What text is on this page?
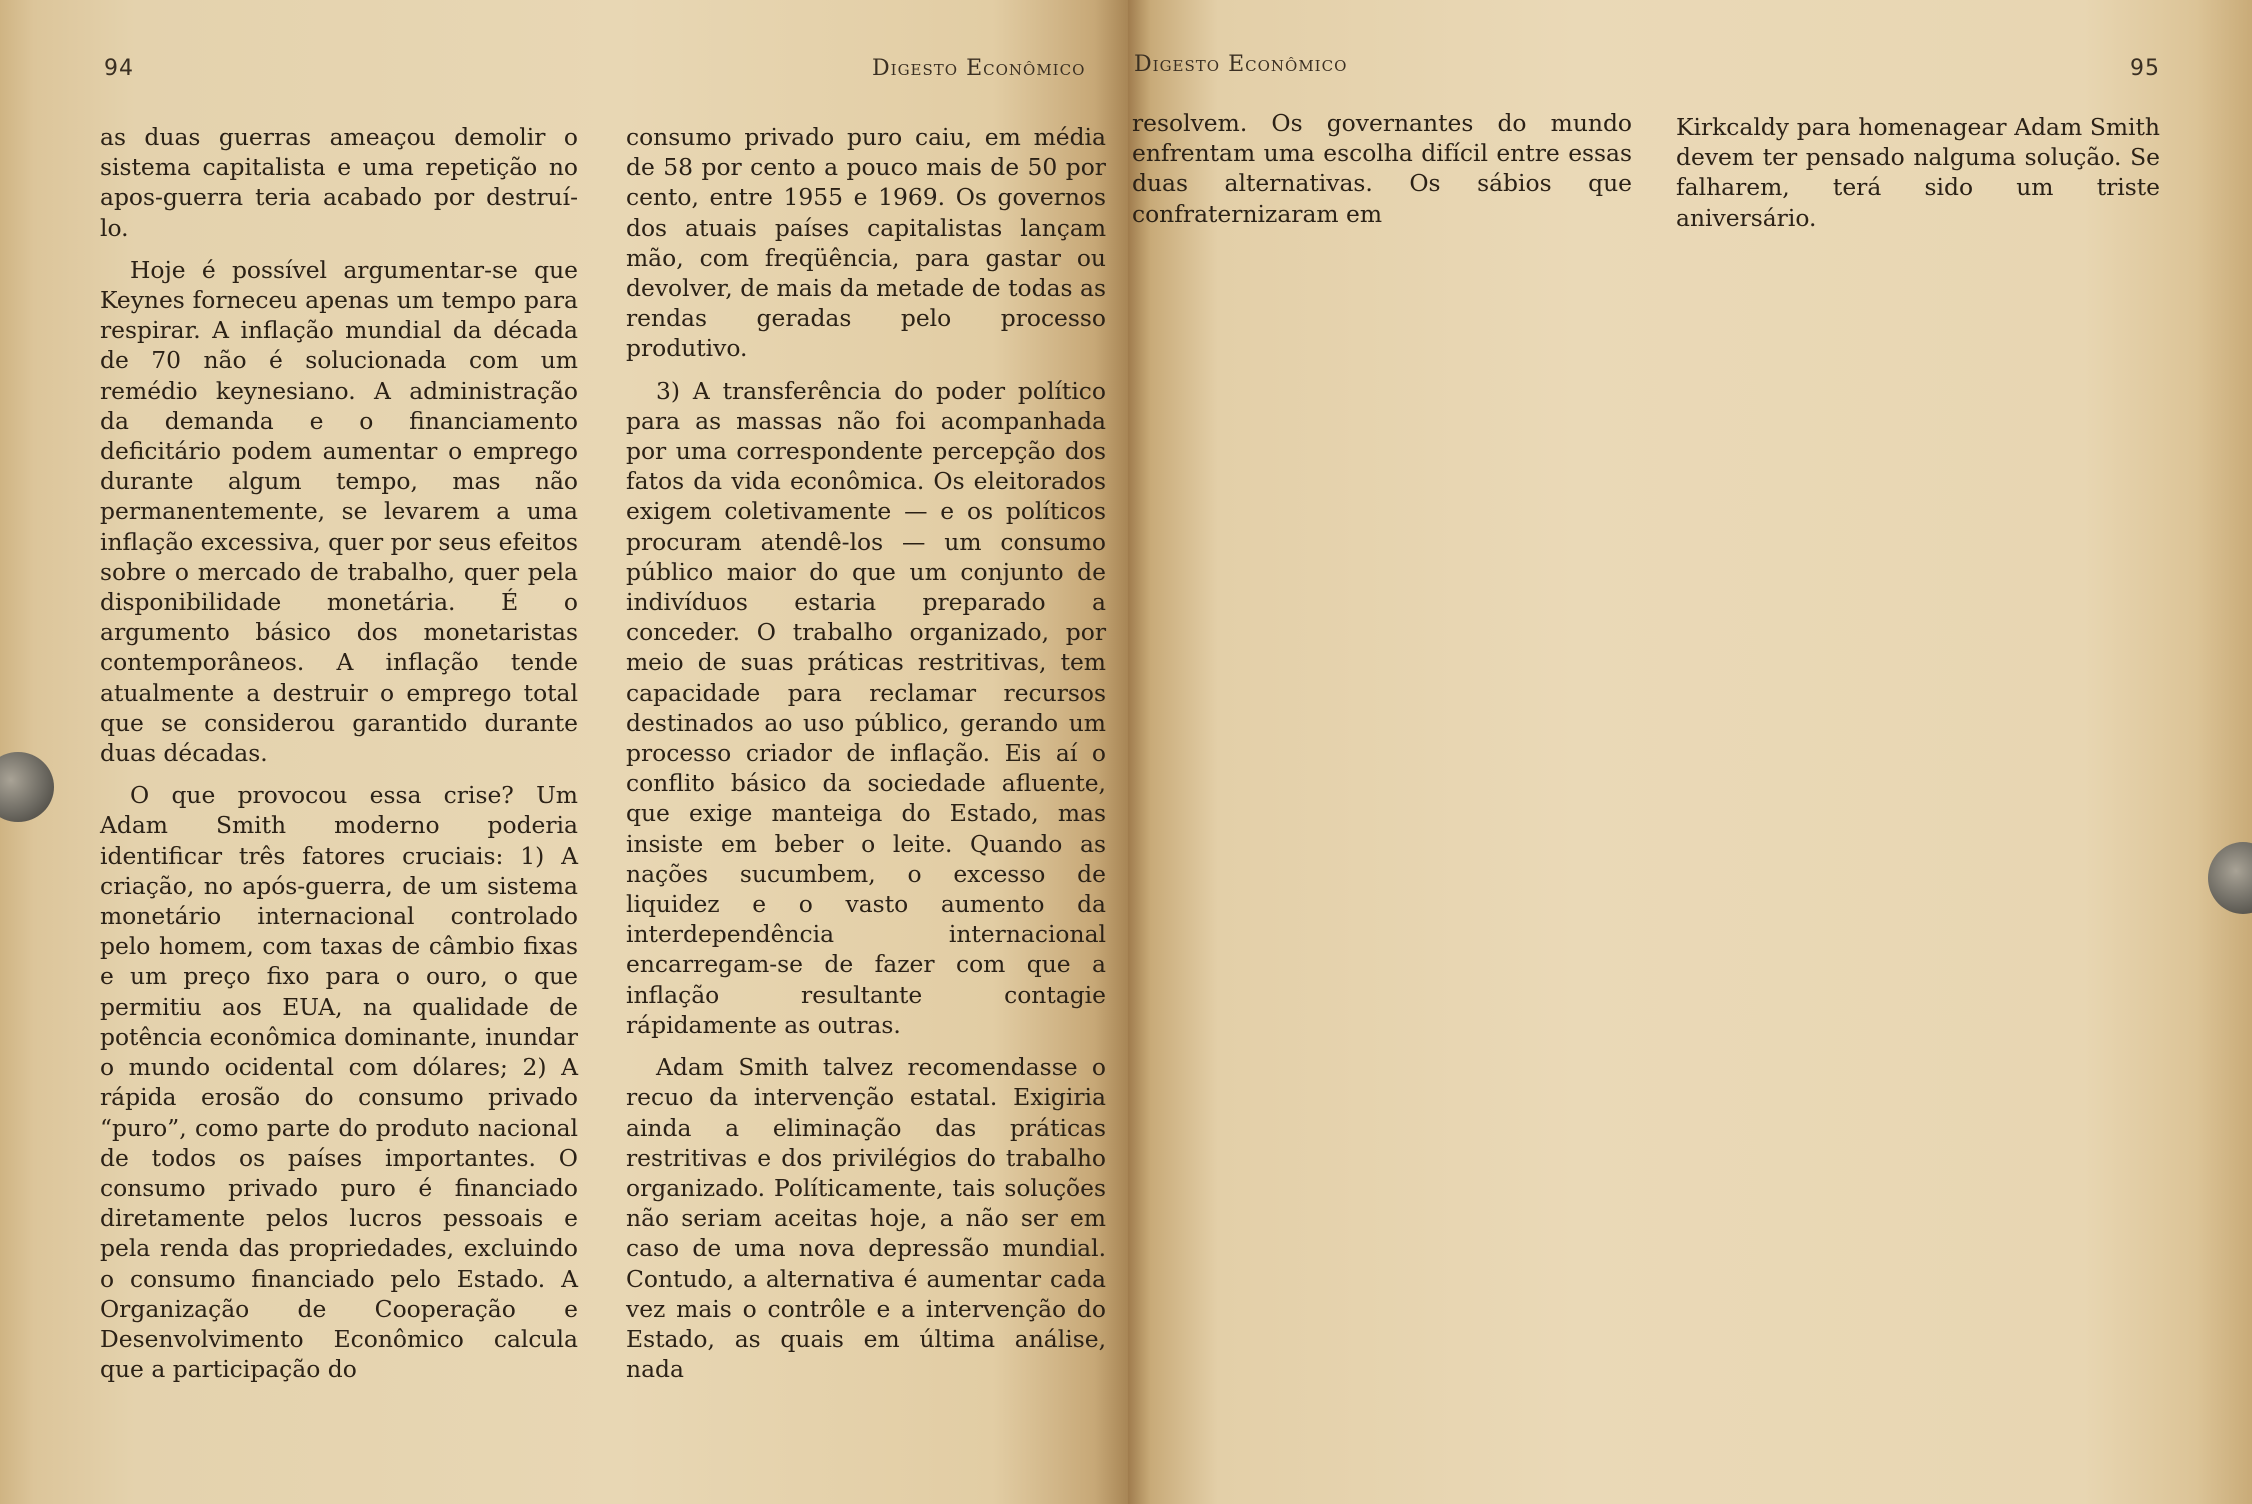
94	Digesto Econômico

as duas guerras ameaçou demolir o sistema capitalista e uma repetição no apos-guerra teria acabado por destruí-lo.

Hoje é possível argumentar-se que Keynes forneceu apenas um tempo para respirar. A inflação mundial da década de 70 não é solucionada com um remédio keynesiano. A administração da demanda e o financiamento deficitário podem aumentar o emprego durante algum tempo, mas não permanentemente, se levarem a uma inflação excessiva, quer por seus efeitos sobre o mercado de trabalho, quer pela disponibilidade monetária. É o argumento básico dos monetaristas contemporâneos. A inflação tende atualmente a destruir o emprego total que se considerou garantido durante duas décadas.

O que provocou essa crise? Um Adam Smith moderno poderia identificar três fatores cruciais: 1) A criação, no após-guerra, de um sistema monetário internacional controlado pelo homem, com taxas de câmbio fixas e um preço fixo para o ouro, o que permitiu aos EUA, na qualidade de potência econômica dominante, inundar o mundo ocidental com dólares; 2) A rápida erosão do consumo privado “puro”, como parte do produto nacional de todos os países importantes. O consumo privado puro é financiado diretamente pelos lucros pessoais e pela renda das propriedades, excluindo o consumo financiado pelo Estado. A Organização de Cooperação e Desenvolvimento Econômico calcula que a participação do

consumo privado puro caiu, em média de 58 por cento a pouco mais de 50 por cento, entre 1955 e 1969. Os governos dos atuais países capitalistas lançam mão, com freqüência, para gastar ou devolver, de mais da metade de todas as rendas geradas pelo processo produtivo.

3) A transferência do poder político para as massas não foi acompanhada por uma correspondente percepção dos fatos da vida econômica. Os eleitorados exigem coletivamente — e os políticos procuram atendê-los — um consumo público maior do que um conjunto de indivíduos estaria preparado a conceder. O trabalho organizado, por meio de suas práticas restritivas, tem capacidade para reclamar recursos destinados ao uso público, gerando um processo criador de inflação. Eis aí o conflito básico da sociedade afluente, que exige manteiga do Estado, mas insiste em beber o leite. Quando as nações sucumbem, o excesso de liquidez e o vasto aumento da interdependência internacional encarregam-se de fazer com que a inflação resultante contagie rápidamente as outras.

Adam Smith talvez recomendasse o recuo da intervenção estatal. Exigiria ainda a eliminação das práticas restritivas e dos privilégios do trabalho organizado. Políticamente, tais soluções não seriam aceitas hoje, a não ser em caso de uma nova depressão mundial. Contudo, a alternativa é aumentar cada vez mais o contrôle e a intervenção do Estado, as quais em última análise, nada

Digesto Econômico	95

resolvem. Os governantes do mundo enfrentam uma escolha difícil entre essas duas alternativas. Os sábios que confraternizaram em

Kirkcaldy para homenagear Adam Smith devem ter pensado nalguma solução. Se falharem, terá sido um triste aniversário.
